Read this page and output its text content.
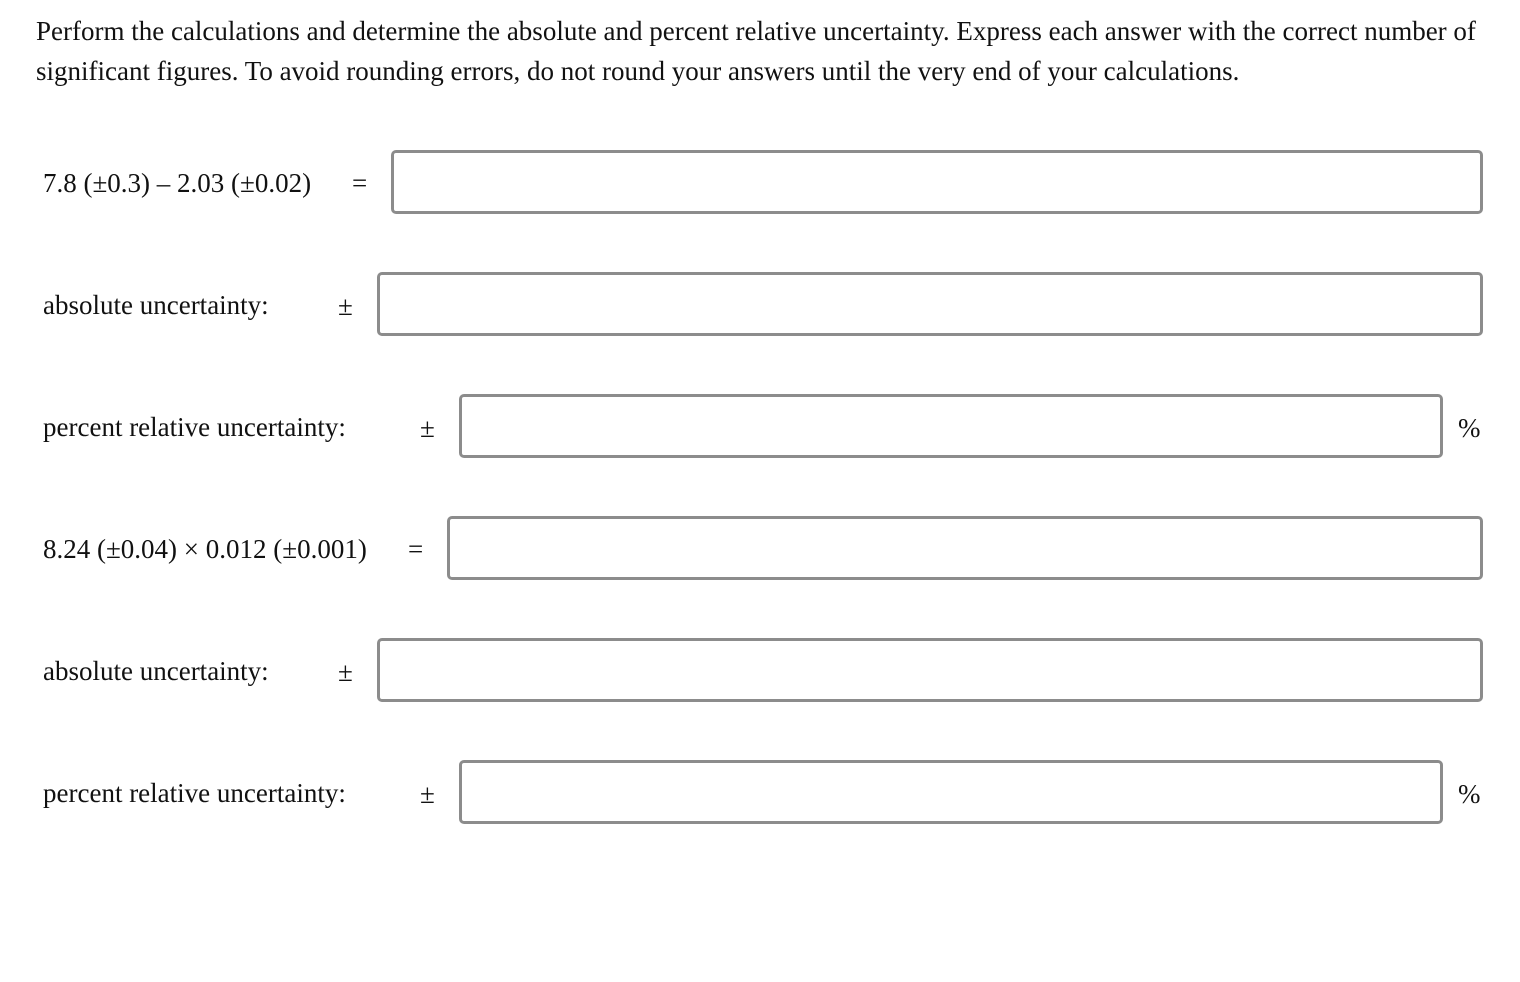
Perform the calculations and determine the absolute and percent relative uncertainty. Express each answer with the correct number of significant figures. To avoid rounding errors, do not round your answers until the very end of your calculations.

7.8 (±0.3) – 2.03 (±0.02) =
absolute uncertainty:	±
percent relative uncertainty:	±	%
8.24 (±0.04) × 0.012 (±0.001) =
absolute uncertainty:	±
percent relative uncertainty:	±	%
